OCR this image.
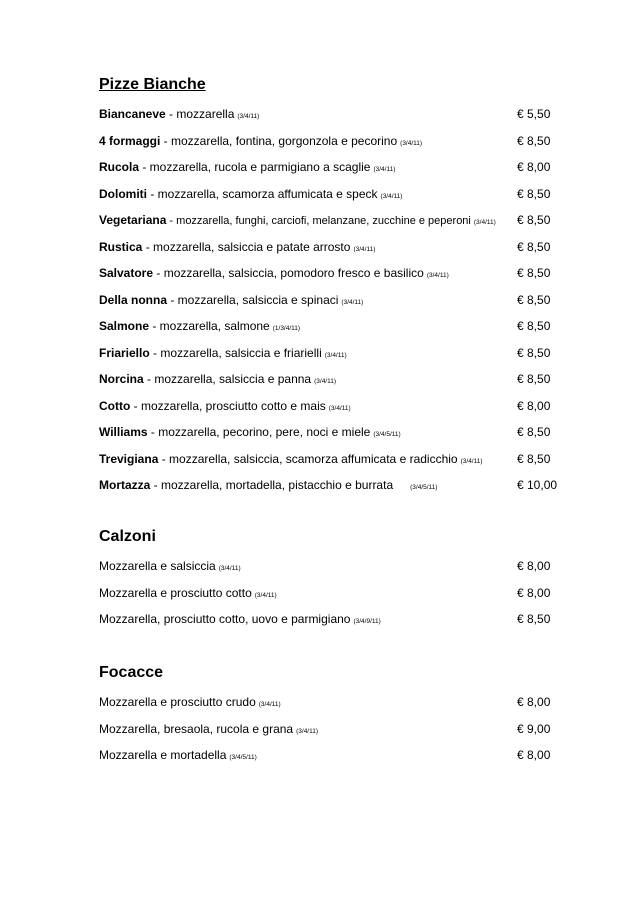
Pizze Bianche
Biancaneve - mozzarella (3/4/11)	€ 5,50
4 formaggi - mozzarella, fontina, gorgonzola e pecorino (3/4/11)	€ 8,50
Rucola - mozzarella, rucola e parmigiano a scaglie (3/4/11)	€ 8,00
Dolomiti - mozzarella, scamorza affumicata e speck (3/4/11)	€ 8,50
Vegetariana - mozzarella, funghi, carciofi, melanzane, zucchine e peperoni (3/4/11) € 8,50
Rustica - mozzarella, salsiccia e patate arrosto (3/4/11)	€ 8,50
Salvatore - mozzarella, salsiccia, pomodoro fresco e basilico (3/4/11)	€ 8,50
Della nonna - mozzarella, salsiccia e spinaci (3/4/11)	€ 8,50
Salmone - mozzarella, salmone (1/3/4/11)	€ 8,50
Friariello - mozzarella, salsiccia e friarielli (3/4/11)	€ 8,50
Norcina - mozzarella, salsiccia e panna (3/4/11)	€ 8,50
Cotto - mozzarella, prosciutto cotto e mais (3/4/11)	€ 8,00
Williams - mozzarella, pecorino, pere, noci e miele (3/4/5/11)	€ 8,50
Trevigiana - mozzarella, salsiccia, scamorza affumicata e radicchio (3/4/11)	€ 8,50
Mortazza - mozzarella, mortadella, pistacchio e burrata	(3/4/5/11)	€ 10,00
Calzoni
Mozzarella e salsiccia (3/4/11)	€ 8,00
Mozzarella e prosciutto cotto (3/4/11)	€ 8,00
Mozzarella, prosciutto cotto, uovo e parmigiano (3/4/9/11)	€ 8,50
Focacce
Mozzarella e prosciutto crudo (3/4/11)	€ 8,00
Mozzarella, bresaola, rucola e grana (3/4/11)	€ 9,00
Mozzarella e mortadella (3/4/5/11)	€ 8,00
